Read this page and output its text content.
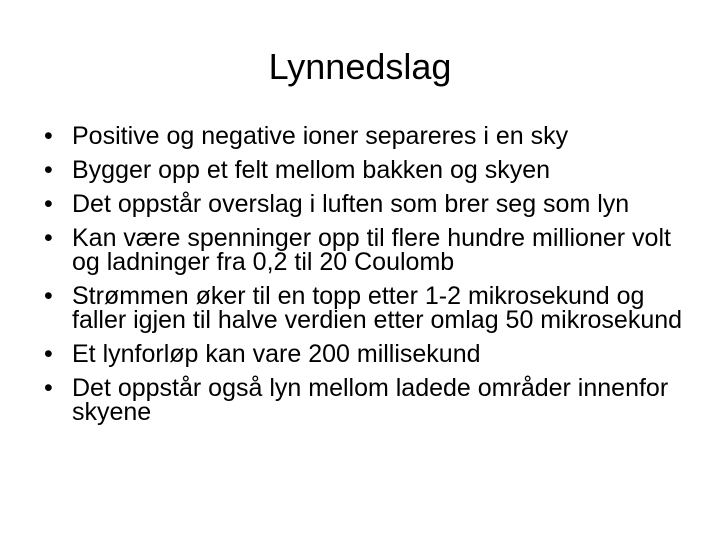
Lynnedslag
• Positive og negative ioner separeres i en sky
• Bygger opp et felt mellom bakken og skyen
• Det oppstår overslag i luften som brer seg som lyn
• Kan være spenninger opp til flere hundre millioner volt og ladninger fra 0,2 til 20 Coulomb
• Strømmen øker til en topp etter 1-2 mikrosekund og faller igjen til halve verdien etter omlag 50 mikrosekund
• Et lynforløp kan vare 200 millisekund
• Det oppstår også lyn mellom ladede områder innenfor skyene
